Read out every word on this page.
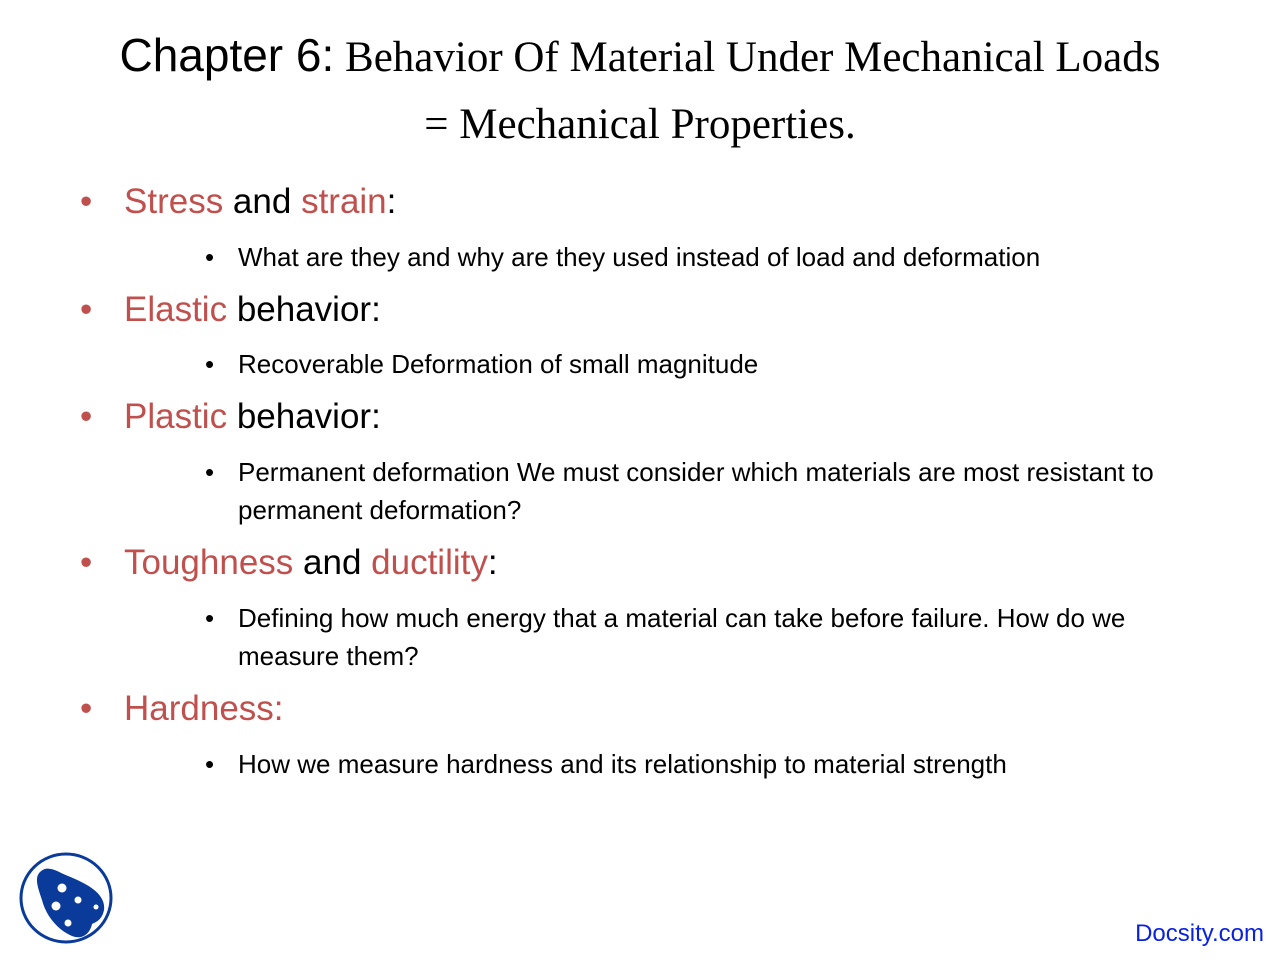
Chapter 6: Behavior Of Material Under Mechanical Loads
= Mechanical Properties.
• Stress and strain:
• What are they and why are they used instead of load and deformation
• Elastic behavior:
• Recoverable Deformation of small magnitude
• Plastic behavior:
• Permanent deformation We must consider which materials are most resistant to permanent deformation?
• Toughness and ductility:
• Defining how much energy that a material can take before failure. How do we measure them?
• Hardness:
• How we measure hardness and its relationship to material strength
Docsity.com
